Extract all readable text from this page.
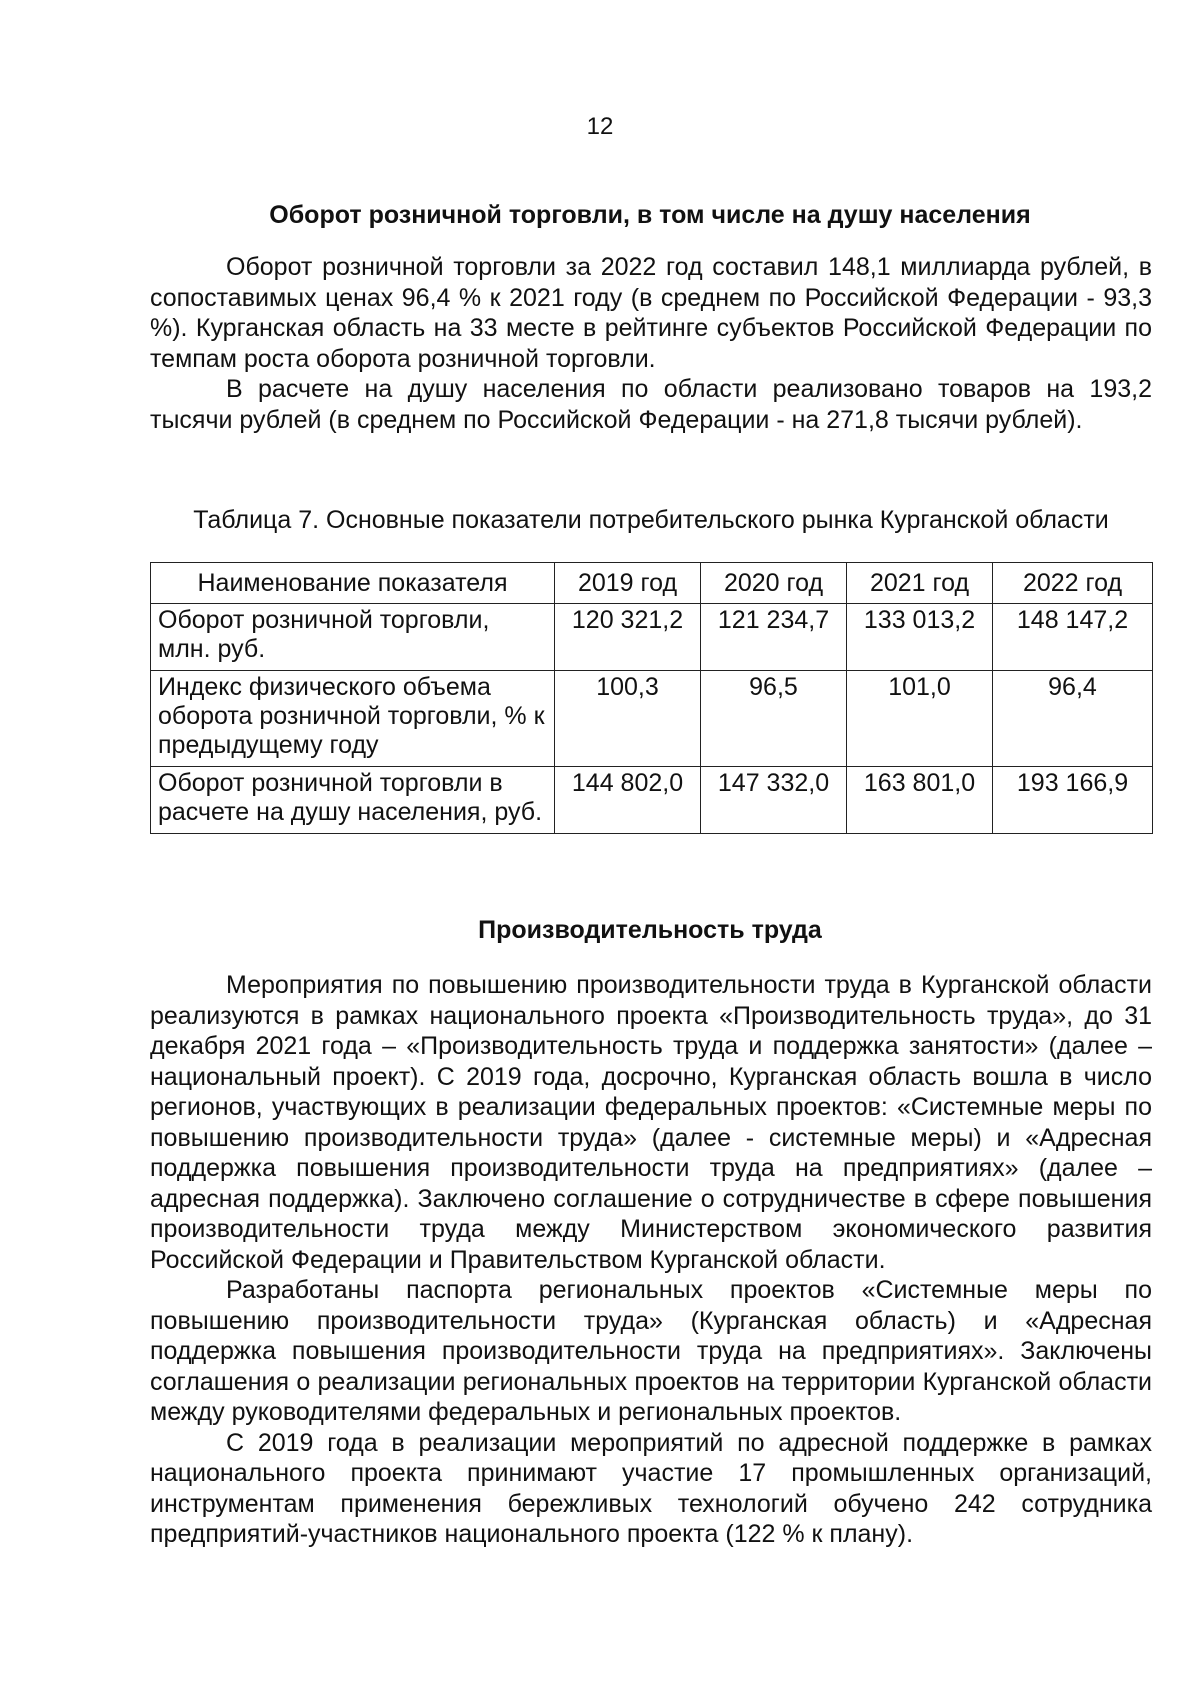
12
Оборот розничной торговли, в том числе на душу населения

Оборот розничной торговли за 2022 год составил 148,1 миллиарда рублей, в сопоставимых ценах 96,4 % к 2021 году (в среднем по Российской Федерации - 93,3 %). Курганская область на 33 месте в рейтинге субъектов Российской Федерации по темпам роста оборота розничной торговли.

В расчете на душу населения по области реализовано товаров на 193,2 тысячи рублей (в среднем по Российской Федерации - на 271,8 тысячи рублей).

Таблица 7. Основные показатели потребительского рынка Курганской области
Наименование показателя	2019 год	2020 год	2021 год	2022 год
Оборот розничной торговли, млн. руб.	120 321,2	121 234,7	133 013,2	148 147,2
Индекс физического объема оборота розничной торговли, % к предыдущему году	100,3	96,5	101,0	96,4
Оборот розничной торговли в расчете на душу населения, руб.	144 802,0	147 332,0	163 801,0	193 166,9
Производительность труда

Мероприятия по повышению производительности труда в Курганской области реализуются в рамках национального проекта «Производительность труда», до 31 декабря 2021 года – «Производительность труда и поддержка занятости» (далее – национальный проект). С 2019 года, досрочно, Курганская область вошла в число регионов, участвующих в реализации федеральных проектов: «Системные меры по повышению производительности труда» (далее - системные меры) и «Адресная поддержка повышения производительности труда на предприятиях» (далее – адресная поддержка). Заключено соглашение о сотрудничестве в сфере повышения производительности труда между Министерством экономического развития Российской Федерации и Правительством Курганской области.

Разработаны паспорта региональных проектов «Системные меры по повышению производительности труда» (Курганская область) и «Адресная поддержка повышения производительности труда на предприятиях». Заключены соглашения о реализации региональных проектов на территории Курганской области между руководителями федеральных и региональных проектов.

С 2019 года в реализации мероприятий по адресной поддержке в рамках национального проекта принимают участие 17 промышленных организаций, инструментам применения бережливых технологий обучено 242 сотрудника предприятий-участников национального проекта (122 % к плану).
